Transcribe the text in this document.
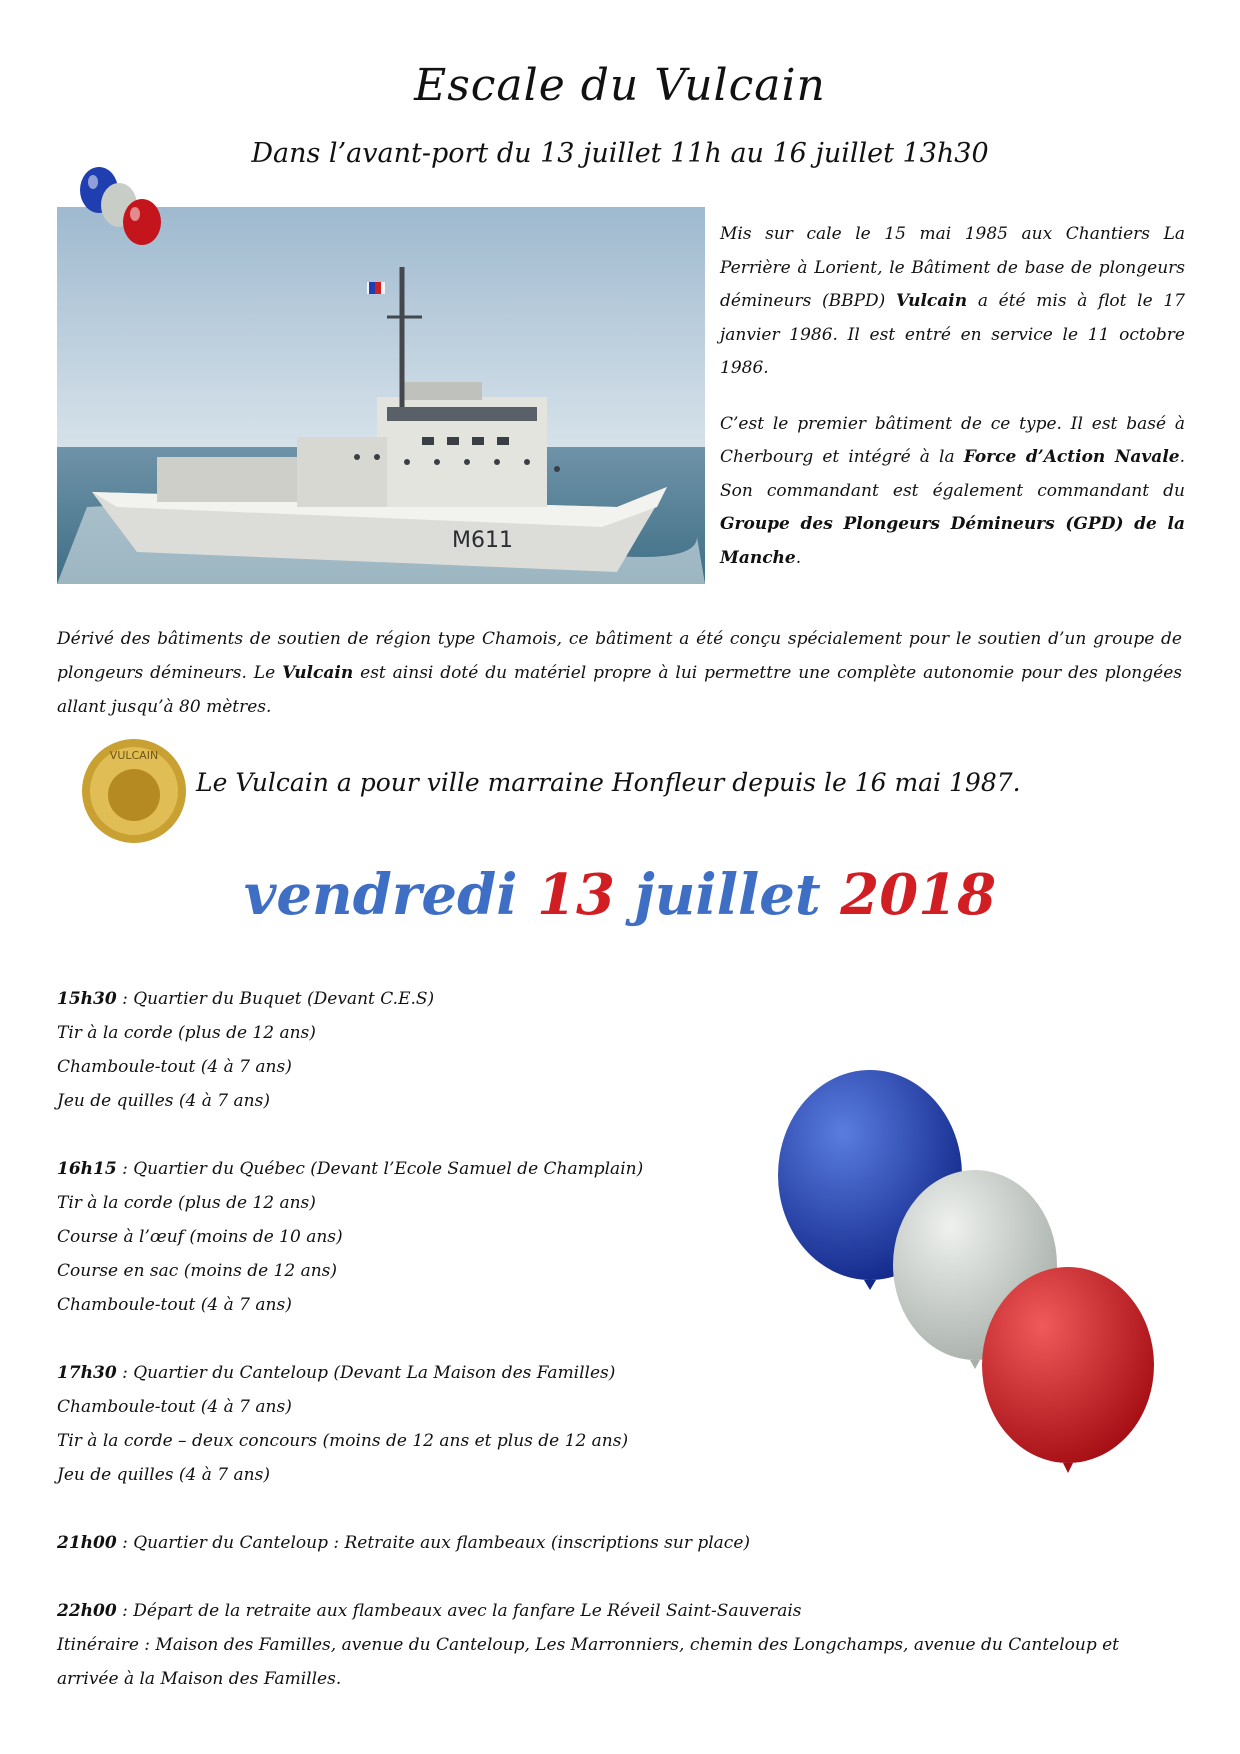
Escale du Vulcain
Dans l’avant-port du 13 juillet 11h au 16 juillet 13h30
M611

Mis sur cale le 15 mai 1985 aux Chantiers La Perrière à Lorient, le Bâtiment de base de plongeurs démineurs (BBPD) Vulcain a été mis à flot le 17 janvier 1986. Il est entré en service le 11 octobre 1986.

C’est le premier bâtiment de ce type. Il est basé à Cherbourg et intégré à la Force d’Action Navale. Son commandant est également commandant du Groupe des Plongeurs Démineurs (GPD) de la Manche.

Dérivé des bâtiments de soutien de région type Chamois, ce bâtiment a été conçu spécialement pour le soutien d’un groupe de plongeurs démineurs. Le Vulcain est ainsi doté du matériel propre à lui permettre une complète autonomie pour des plongées allant jusqu’à 80 mètres.

VULCAIN
Le Vulcain a pour ville marraine Honfleur depuis le 16 mai 1987.
vendredi 13 juillet 2018
15h30 : Quartier du Buquet (Devant C.E.S)
Tir à la corde (plus de 12 ans)
Chamboule-tout (4 à 7 ans)
Jeu de quilles (4 à 7 ans)
16h15 : Quartier du Québec (Devant l’Ecole Samuel de Champlain)
Tir à la corde (plus de 12 ans)
Course à l’œuf (moins de 10 ans)
Course en sac (moins de 12 ans)
Chamboule-tout (4 à 7 ans)
17h30 : Quartier du Canteloup (Devant La Maison des Familles)
Chamboule-tout (4 à 7 ans)
Tir à la corde – deux concours (moins de 12 ans et plus de 12 ans)
Jeu de quilles (4 à 7 ans)
21h00 : Quartier du Canteloup : Retraite aux flambeaux (inscriptions sur place)
22h00 : Départ de la retraite aux flambeaux avec la fanfare Le Réveil Saint-Sauverais
Itinéraire : Maison des Familles, avenue du Canteloup, Les Marronniers, chemin des Longchamps, avenue du Canteloup et
arrivée à la Maison des Familles.
